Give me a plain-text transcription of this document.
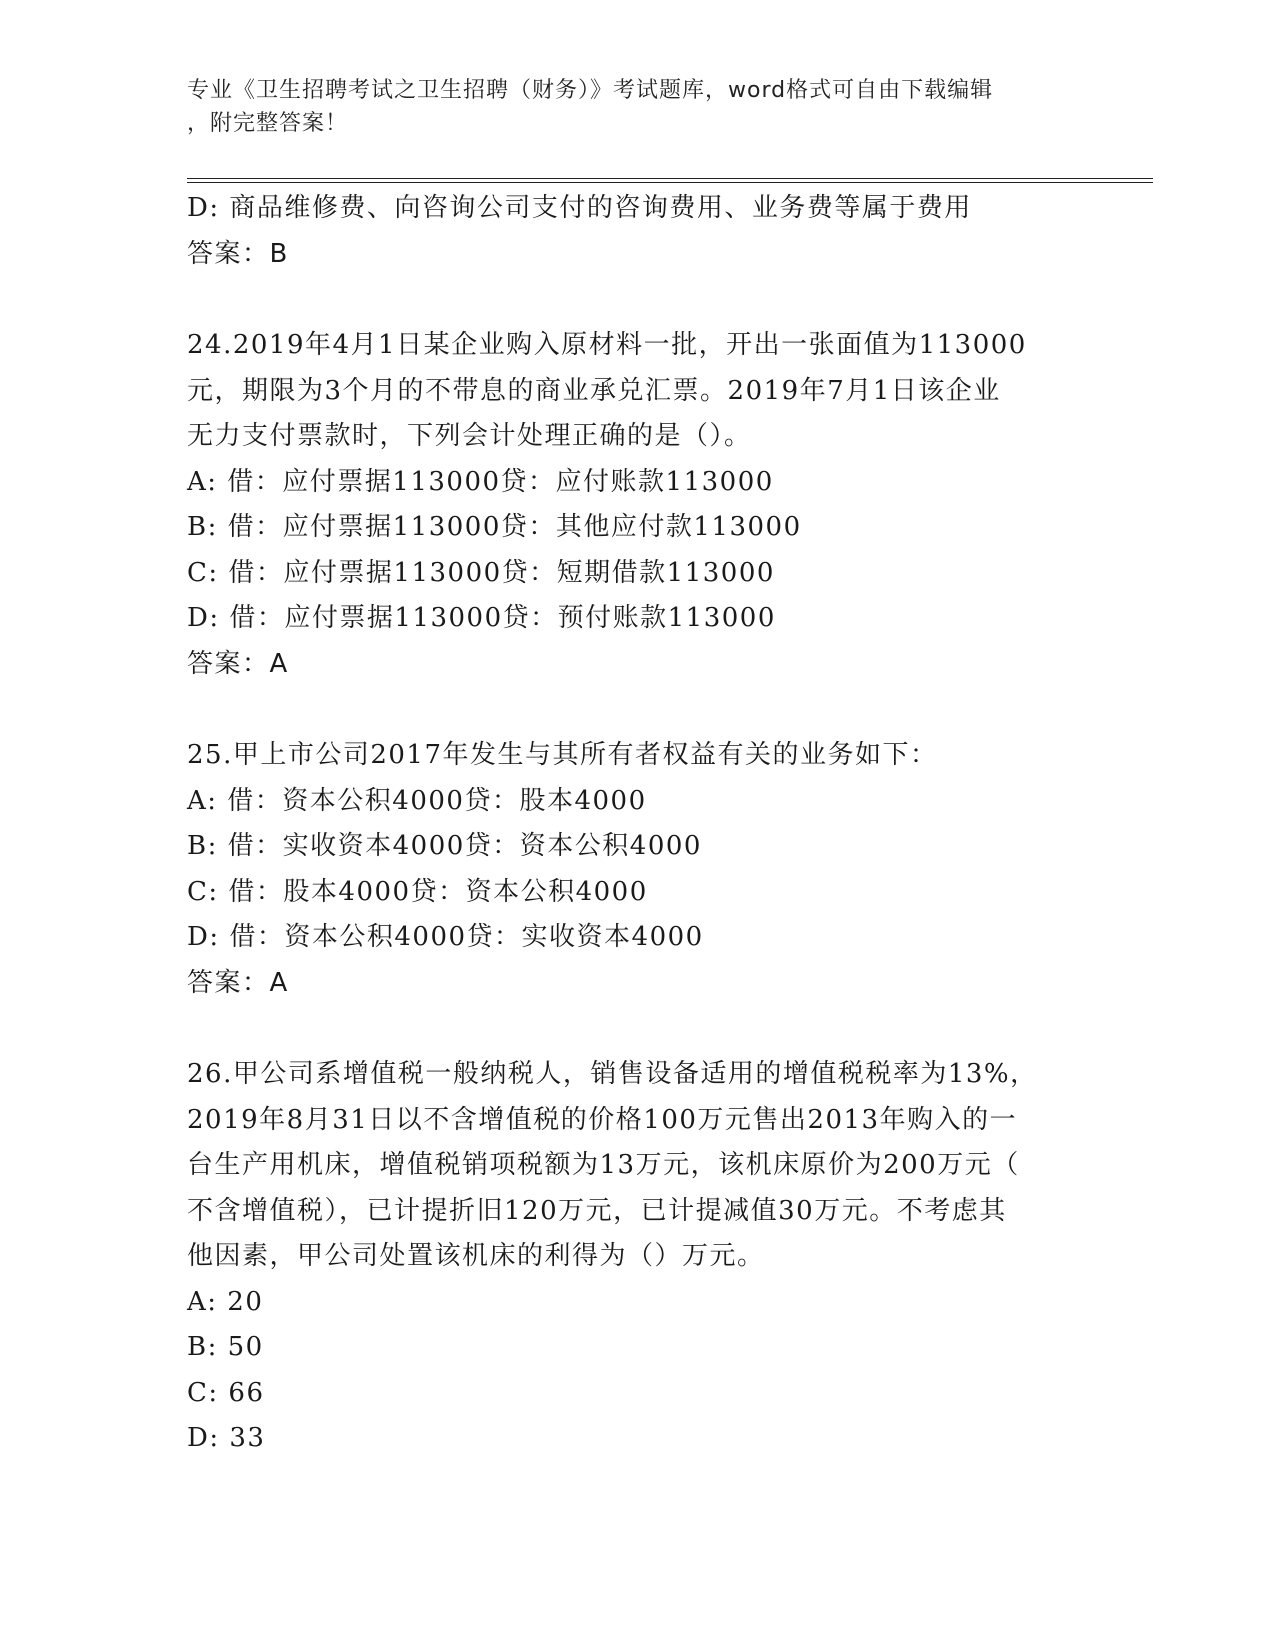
专业《卫生招聘考试之卫生招聘（财务）》考试题库，word格式可自由下载编辑
，附完整答案！
D: 商品维修费、向咨询公司支付的咨询费用、业务费等属于费用
答案：B
24.2019年4月1日某企业购入原材料一批，开出一张面值为113000
元，期限为3个月的不带息的商业承兑汇票。2019年7月1日该企业
无力支付票款时，下列会计处理正确的是（）。
A: 借：应付票据113000贷：应付账款113000
B: 借：应付票据113000贷：其他应付款113000
C: 借：应付票据113000贷：短期借款113000
D: 借：应付票据113000贷：预付账款113000
答案：A
25.甲上市公司2017年发生与其所有者权益有关的业务如下：
A: 借：资本公积4000贷：股本4000
B: 借：实收资本4000贷：资本公积4000
C: 借：股本4000贷：资本公积4000
D: 借：资本公积4000贷：实收资本4000
答案：A
26.甲公司系增值税一般纳税人，销售设备适用的增值税税率为13%，
2019年8月31日以不含增值税的价格100万元售出2013年购入的一
台生产用机床，增值税销项税额为13万元，该机床原价为200万元（
不含增值税），已计提折旧120万元，已计提减值30万元。不考虑其
他因素，甲公司处置该机床的利得为（）万元。
A: 20
B: 50
C: 66
D: 33
